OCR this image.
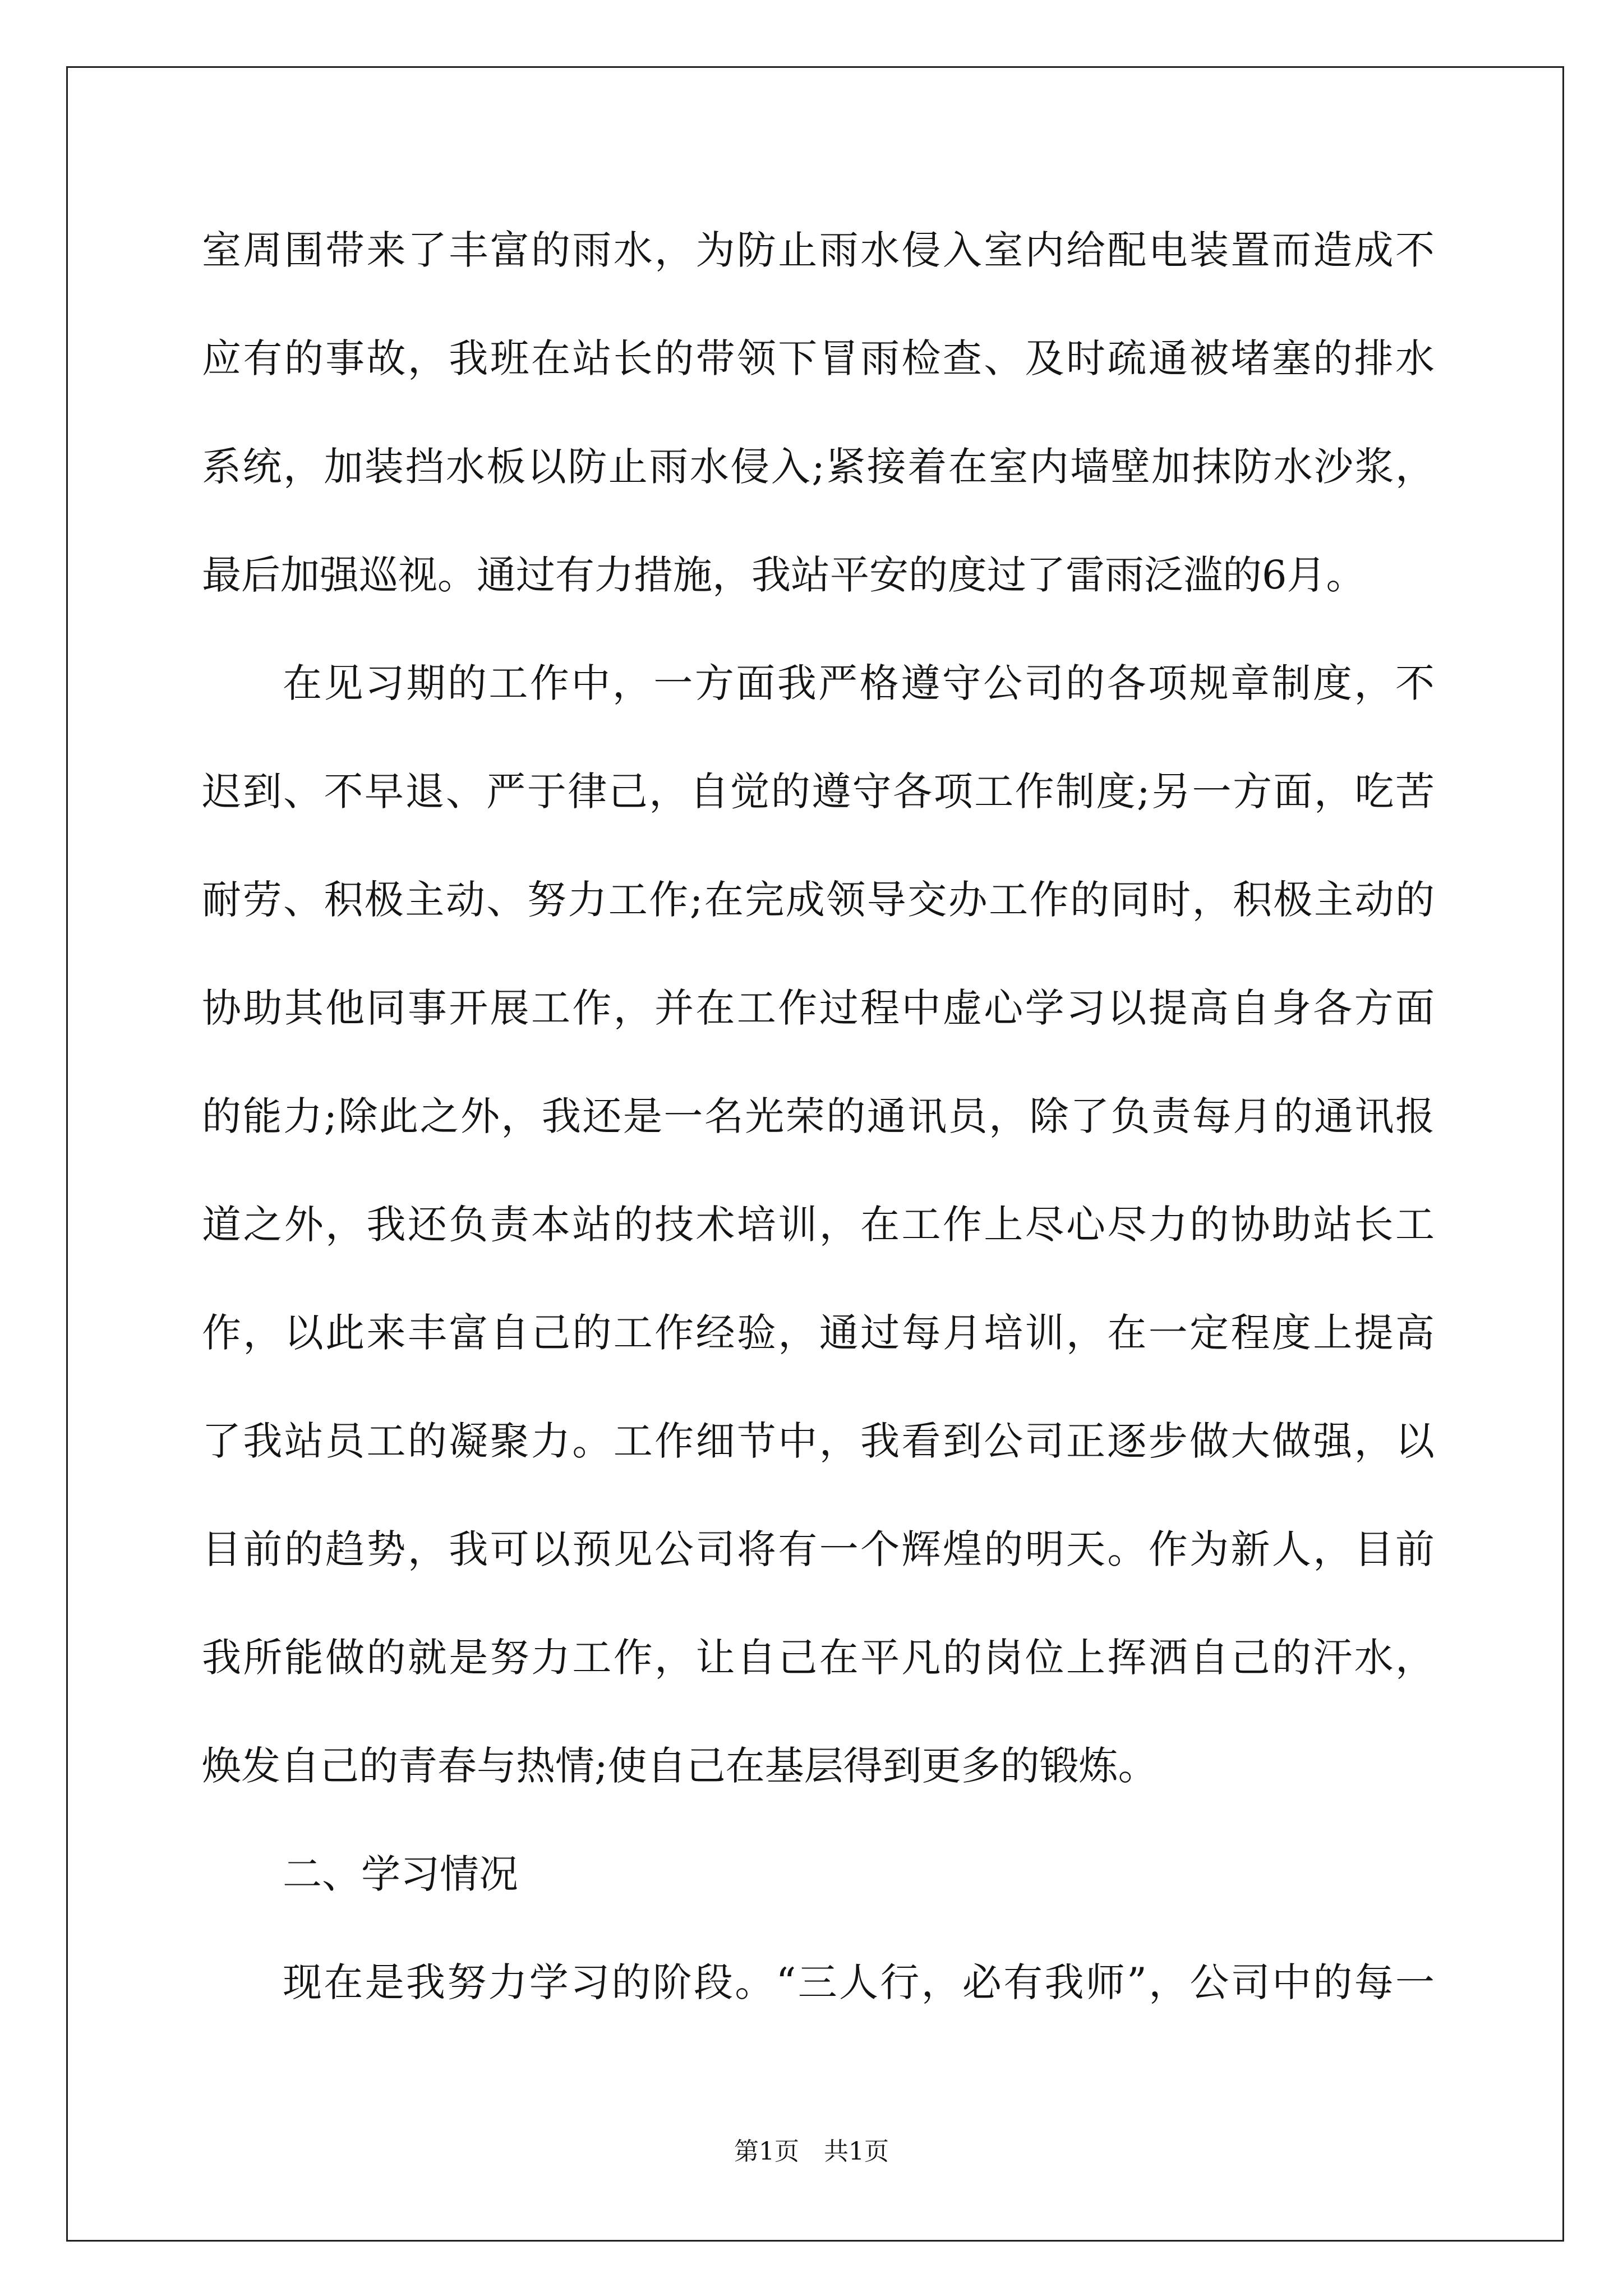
室周围带来了丰富的雨水，为防止雨水侵入室内给配电装置而造成不
应有的事故，我班在站长的带领下冒雨检查、及时疏通被堵塞的排水
系统，加装挡水板以防止雨水侵入;紧接着在室内墙壁加抹防水沙浆，
最后加强巡视。通过有力措施，我站平安的度过了雷雨泛滥的6月。
在见习期的工作中，一方面我严格遵守公司的各项规章制度，不
迟到、不早退、严于律己，自觉的遵守各项工作制度;另一方面，吃苦
耐劳、积极主动、努力工作;在完成领导交办工作的同时，积极主动的
协助其他同事开展工作，并在工作过程中虚心学习以提高自身各方面
的能力;除此之外，我还是一名光荣的通讯员，除了负责每月的通讯报
道之外，我还负责本站的技术培训，在工作上尽心尽力的协助站长工
作，以此来丰富自己的工作经验，通过每月培训，在一定程度上提高
了我站员工的凝聚力。工作细节中，我看到公司正逐步做大做强，以
目前的趋势，我可以预见公司将有一个辉煌的明天。作为新人，目前
我所能做的就是努力工作，让自己在平凡的岗位上挥洒自己的汗水，
焕发自己的青春与热情;使自己在基层得到更多的锻炼。
二、学习情况
现在是我努力学习的阶段。“三人行，必有我师”，公司中的每一
第1页 共1页
